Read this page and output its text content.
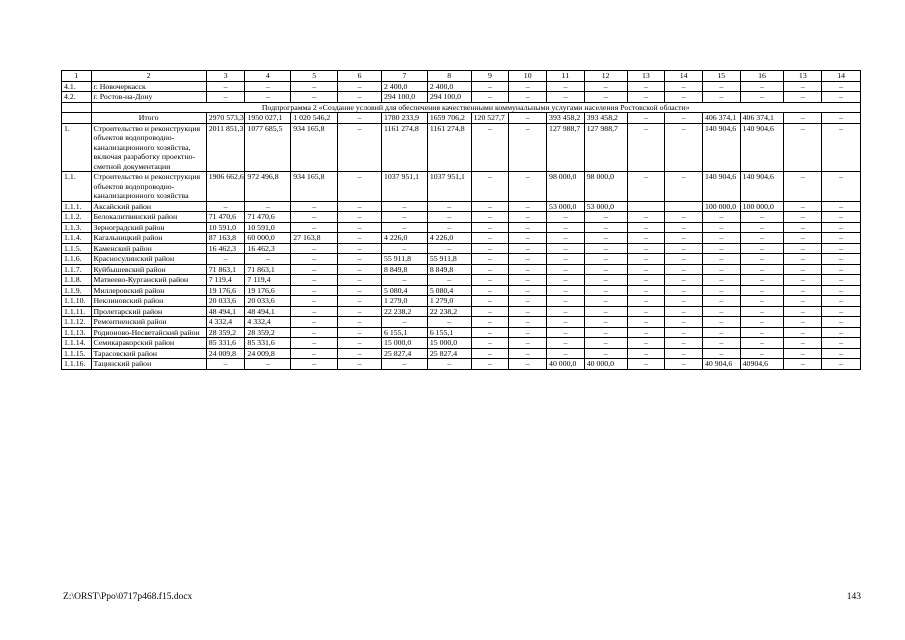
1	2	3	4	5	6	7	8	9	10	11	12	13	14	15	16	13	14
4.1.	г. Новочеркасск	–	–	–	–	2 400,0	2 400,0	–	–	–	–	–	–	–	–	–	–
4.2.	г. Ростов-на-Дону	–	–	–	–	294 100,0	294 100,0	–	–	–	–	–	–	–	–	–	–
	Подпрограмма 2 «Создание условий для обеспечения качественными коммунальными услугами населения Ростовской области»																
	Итого	2970 573,3	1950 027,1	1 020 546,2	–	1780 233,9	1659 706,2	120 527,7	–	393 458,2	393 458,2	–	–	406 374,1	406 374,1	–	–
1.	Строительство и реконструкция объектов водопроводно-канализационного хозяйства, включая разработку проектно-сметной документации	2011 851,3	1077 685,5	934 165,8	–	1161 274,8	1161 274,8	–	–	127 988,7	127 988,7	–	–	140 904,6	140 904,6	–	–
1.1.	Строительство и реконструкция объектов водопроводно-канализационного хозяйства	1906 662,6	972 496,8	934 165,8	–	1037 951,1	1037 951,1	–	–	98 000,0	98 000,0	–	–	140 904,6	140 904,6	–	–
1.1.1.	Аксайский район	–	–	–	–	–	–	–	–	53 000,0	53 000,0			100 000,0	100 000,0	–	–
1.1.2.	Белокалитвинский район	71 470,6	71 470,6	–	–	–	–	–	–	–	–	–	–	–	–	–	–
1.1.3.	Зерноградский район	10 591,0	10 591,0	–	–	–	–	–	–	–	–	–	–	–	–	–	–
1.1.4.	Кагальницкий район	87 163,8	60 000,0	27 163,8	–	4 226,0	4 226,0	–	–	–	–	–	–	–	–	–	–
1.1.5.	Каменский район	16 462,3	16 462,3	–	–	–	–	–	–	–	–	–	–	–	–	–	–
1.1.6.	Красносулинский район	–	–	–	–	55 911,8	55 911,8	–	–	–	–	–	–	–	–	–	–
1.1.7.	Куйбышевский район	71 863,1	71 863,1	–	–	8 849,8	8 849,8	–	–	–	–	–	–	–	–	–	–
1.1.8.	Матвеево-Курганский район	7 119,4	7 119,4	–	–	–	–	–	–	–	–	–	–	–	–	–	–
1.1.9.	Миллеровский район	19 176,6	19 176,6	–	–	5 080,4	5 080,4	–	–	–	–	–	–	–	–	–	–
1.1.10.	Неклиновский район	20 033,6	20 033,6	–	–	1 279,0	1 279,0	–	–	–	–	–	–	–	–	–	–
1.1.11.	Пролетарский район	48 494,1	48 494,1	–	–	22 238,2	22 238,2	–	–	–	–	–	–	–	–	–	–
1.1.12.	Ремонтненский район	4 332,4	4 332,4	–	–	–	–	–	–	–	–	–	–	–	–	–	–
1.1.13.	Родионово-Несветайский район	28 359,2	28 359,2	–	–	6 155,1	6 155,1	–	–	–	–	–	–	–	–	–	–
1.1.14.	Семикаракорский район	85 331,6	85 331,6	–	–	15 000,0	15 000,0	–	–	–	–	–	–	–	–	–	–
1.1.15.	Тарасовский район	24 009,8	24 009,8	–	–	25 827,4	25 827,4	–	–	–	–	–	–	–	–	–	–
1.1.16.	Тацинский район	–	–	–	–	–	–	–	–	40 000,0	40 000,0	–	–	40 904,6	40904,6	–	–
Z:\ORST\Ppo\0717p468.f15.docx	143
